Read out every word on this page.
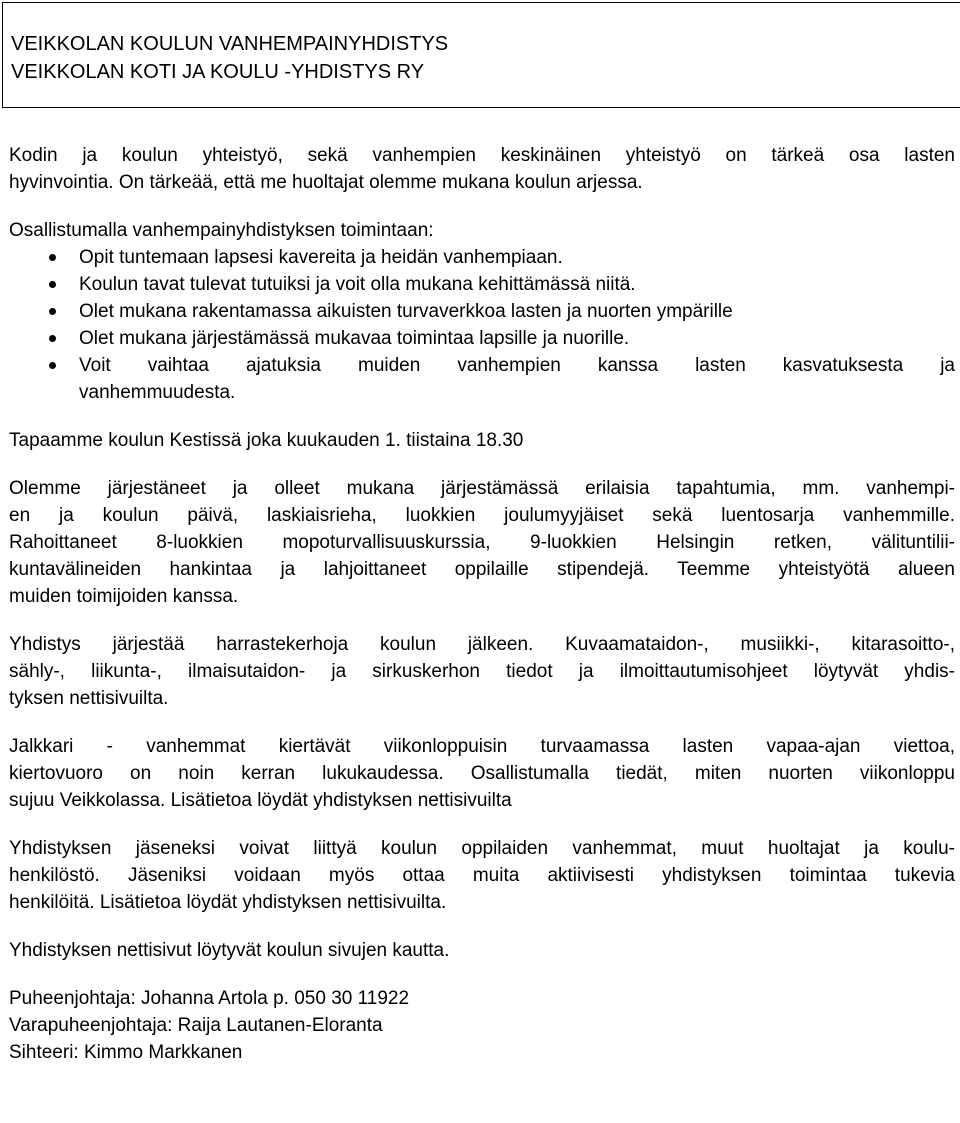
VEIKKOLAN KOULUN VANHEMPAINYHDISTYS
VEIKKOLAN KOTI JA KOULU -YHDISTYS RY

Kodin ja koulun yhteistyö, sekä vanhempien keskinäinen yhteistyö on tärkeä osa lasten
hyvinvointia. On tärkeää, että me huoltajat olemme mukana koulun arjessa.

Osallistumalla vanhempainyhdistyksen toimintaan:

Opit tuntemaan lapsesi kavereita ja heidän vanhempiaan.
Koulun tavat tulevat tutuiksi ja voit olla mukana kehittämässä niitä.
Olet mukana rakentamassa aikuisten turvaverkkoa lasten ja nuorten ympärille
Olet mukana järjestämässä mukavaa toimintaa lapsille ja nuorille.
Voit vaihtaa ajatuksia muiden vanhempien kanssa lasten kasvatuksesta ja
vanhemmuudesta.

Tapaamme koulun Kestissä joka kuukauden 1. tiistaina 18.30

Olemme järjestäneet ja olleet mukana järjestämässä erilaisia tapahtumia, mm. vanhempi-
en ja koulun päivä, laskiaisrieha, luokkien joulumyyjäiset sekä luentosarja vanhemmille.
Rahoittaneet 8-luokkien mopoturvallisuuskurssia, 9-luokkien Helsingin retken, välituntilii-
kuntavälineiden hankintaa ja lahjoittaneet oppilaille stipendejä. Teemme yhteistyötä alueen
muiden toimijoiden kanssa.

Yhdistys järjestää harrastekerhoja koulun jälkeen. Kuvaamataidon-, musiikki-, kitarasoitto-,
sähly-, liikunta-, ilmaisutaidon- ja sirkuskerhon tiedot ja ilmoittautumisohjeet löytyvät yhdis-
tyksen nettisivuilta.

Jalkkari - vanhemmat kiertävät viikonloppuisin turvaamassa lasten vapaa-ajan viettoa,
kiertovuoro on noin kerran lukukaudessa. Osallistumalla tiedät, miten nuorten viikonloppu
sujuu Veikkolassa. Lisätietoa löydät yhdistyksen nettisivuilta

Yhdistyksen jäseneksi voivat liittyä koulun oppilaiden vanhemmat, muut huoltajat ja koulu-
henkilöstö. Jäseniksi voidaan myös ottaa muita aktiivisesti yhdistyksen toimintaa tukevia
henkilöitä. Lisätietoa löydät yhdistyksen nettisivuilta.

Yhdistyksen nettisivut löytyvät koulun sivujen kautta.

Puheenjohtaja: Johanna Artola p. 050 30 11922
Varapuheenjohtaja: Raija Lautanen-Eloranta
Sihteeri: Kimmo Markkanen
